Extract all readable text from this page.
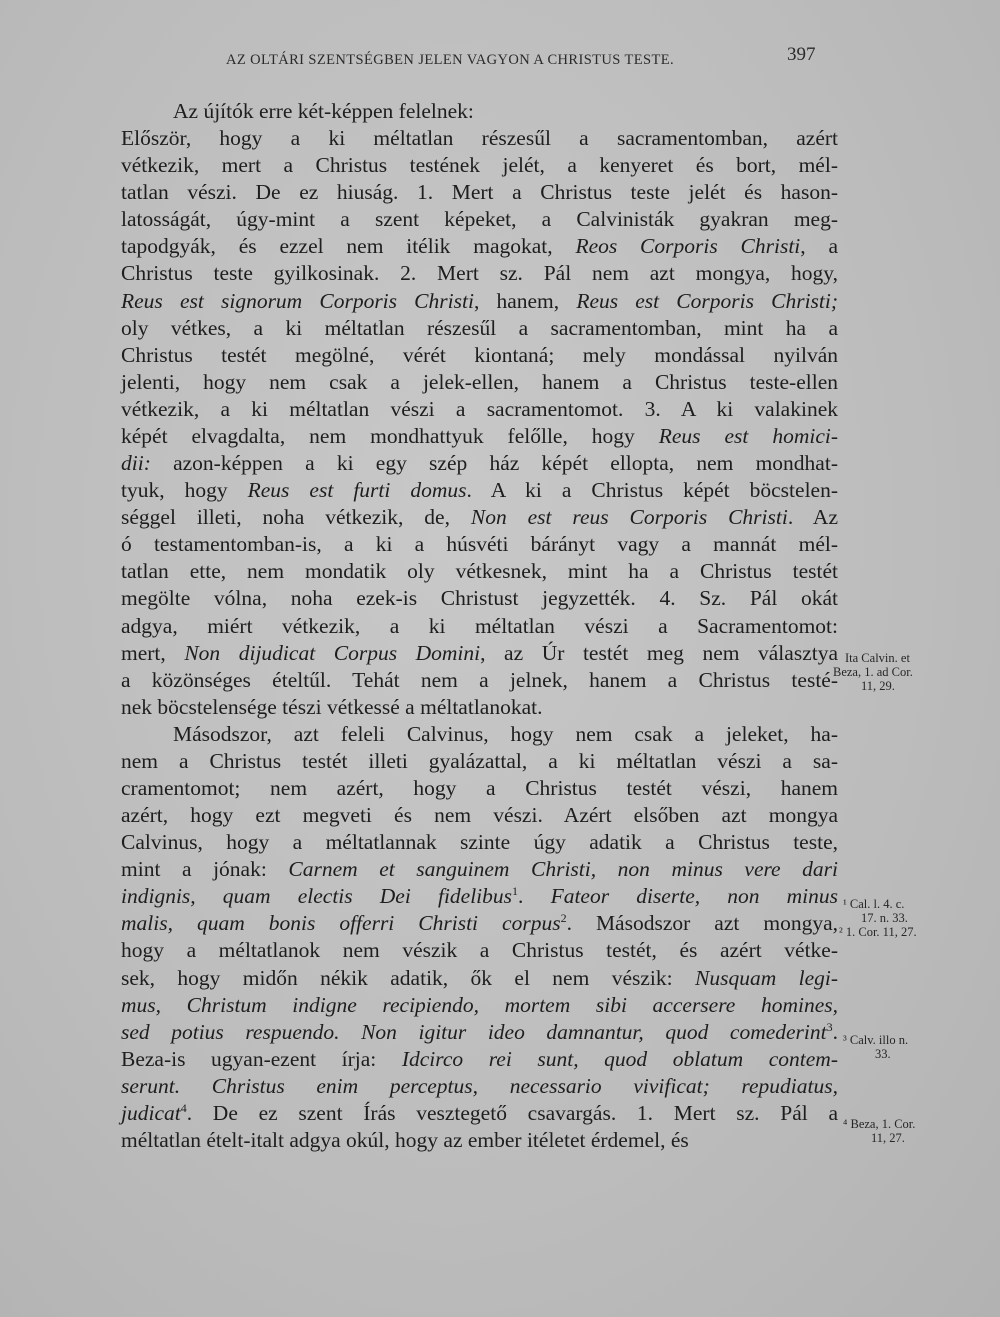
AZ OLTÁRI SZENTSÉGBEN JELEN VAGYON A CHRISTUS TESTE.	397
Az újítók erre két-képpen felelnek:
Először, hogy a ki méltatlan részesűl a sacramentomban, azért
vétkezik, mert a Christus testének jelét, a kenyeret és bort, mél-
tatlan vészi. De ez hiuság. 1. Mert a Christus teste jelét és hason-
latosságát, úgy-mint a szent képeket, a Calvinisták gyakran meg-
tapodgyák, és ezzel nem itélik magokat, Reos Corporis Christi, a
Christus teste gyilkosinak. 2. Mert sz. Pál nem azt mongya, hogy,
Reus est signorum Corporis Christi, hanem, Reus est Corporis Christi;
oly vétkes, a ki méltatlan részesűl a sacramentomban, mint ha a
Christus testét megölné, vérét kiontaná; mely mondással nyilván
jelenti, hogy nem csak a jelek-ellen, hanem a Christus teste-ellen
vétkezik, a ki méltatlan vészi a sacramentomot. 3. A ki valakinek
képét elvagdalta, nem mondhattyuk felőlle, hogy Reus est homici-
dii: azon-képpen a ki egy szép ház képét ellopta, nem mondhat-
tyuk, hogy Reus est furti domus. A ki a Christus képét böcstelen-
séggel illeti, noha vétkezik, de, Non est reus Corporis Christi. Az
ó testamentomban-is, a ki a húsvéti bárányt vagy a mannát mél-
tatlan ette, nem mondatik oly vétkesnek, mint ha a Christus testét
megölte vólna, noha ezek-is Christust jegyzették. 4. Sz. Pál okát
adgya, miért vétkezik, a ki méltatlan vészi a Sacramentomot:
mert, Non dijudicat Corpus Domini, az Úr testét meg nem választya
a közönséges ételtűl. Tehát nem a jelnek, hanem a Christus testé-
nek böcstelensége tészi vétkessé a méltatlanokat.
Másodszor, azt feleli Calvinus, hogy nem csak a jeleket, ha-
nem a Christus testét illeti gyalázattal, a ki méltatlan vészi a sa-
cramentomot; nem azért, hogy a Christus testét vészi, hanem
azért, hogy ezt megveti és nem vészi. Azért elsőben azt mongya
Calvinus, hogy a méltatlannak szinte úgy adatik a Christus teste,
mint a jónak: Carnem et sanguinem Christi, non minus vere dari
indignis, quam electis Dei fidelibus$^1$. Fateor diserte, non minus
malis, quam bonis offerri Christi corpus$^2$. Másodszor azt mongya,
hogy a méltatlanok nem vészik a Christus testét, és azért vétke-
sek, hogy midőn nékik adatik, ők el nem vészik: Nusquam legi-
mus, Christum indigne recipiendo, mortem sibi accersere homines,
sed potius respuendo. Non igitur ideo damnantur, quod comederint$^3$.
Beza-is ugyan-ezent írja: Idcirco rei sunt, quod oblatum contem-
serunt. Christus enim perceptus, necessario vivificat; repudiatus,
judicat$^4$. De ez szent Írás vesztegető csavargás. 1. Mert sz. Pál a
méltatlan ételt-italt adgya okúl, hogy az ember itéletet érdemel, és
Ita Calvin. et
Beza, 1. ad Cor.
11, 29.
¹ Cal. l. 4. c.
17. n. 33.
² 1. Cor. 11, 27.
³ Calv. illo n.
33.
⁴ Beza, 1. Cor.
11, 27.
